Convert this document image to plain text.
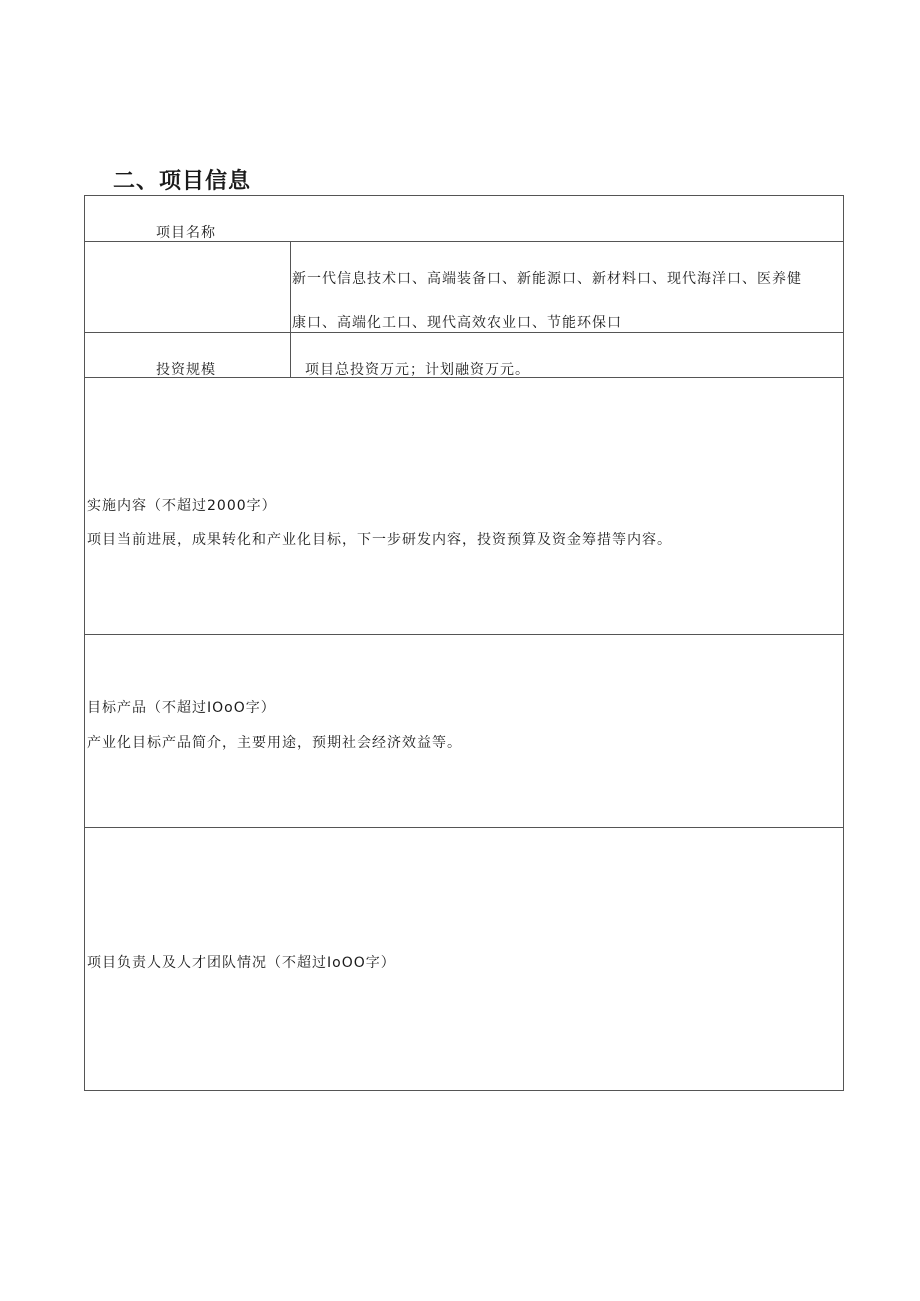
二、项目信息
项目名称
新一代信息技术口、高端装备口、新能源口、新材料口、现代海洋口、医养健
康口、高端化工口、现代高效农业口、节能环保口
投资规模	项目总投资万元；计划融资万元。
实施内容（不超过2000字）
项目当前进展，成果转化和产业化目标，下一步研发内容，投资预算及资金筹措等内容。
目标产品（不超过IOoO字）
产业化目标产品简介，主要用途，预期社会经济效益等。
项目负责人及人才团队情况（不超过IoOO字）
